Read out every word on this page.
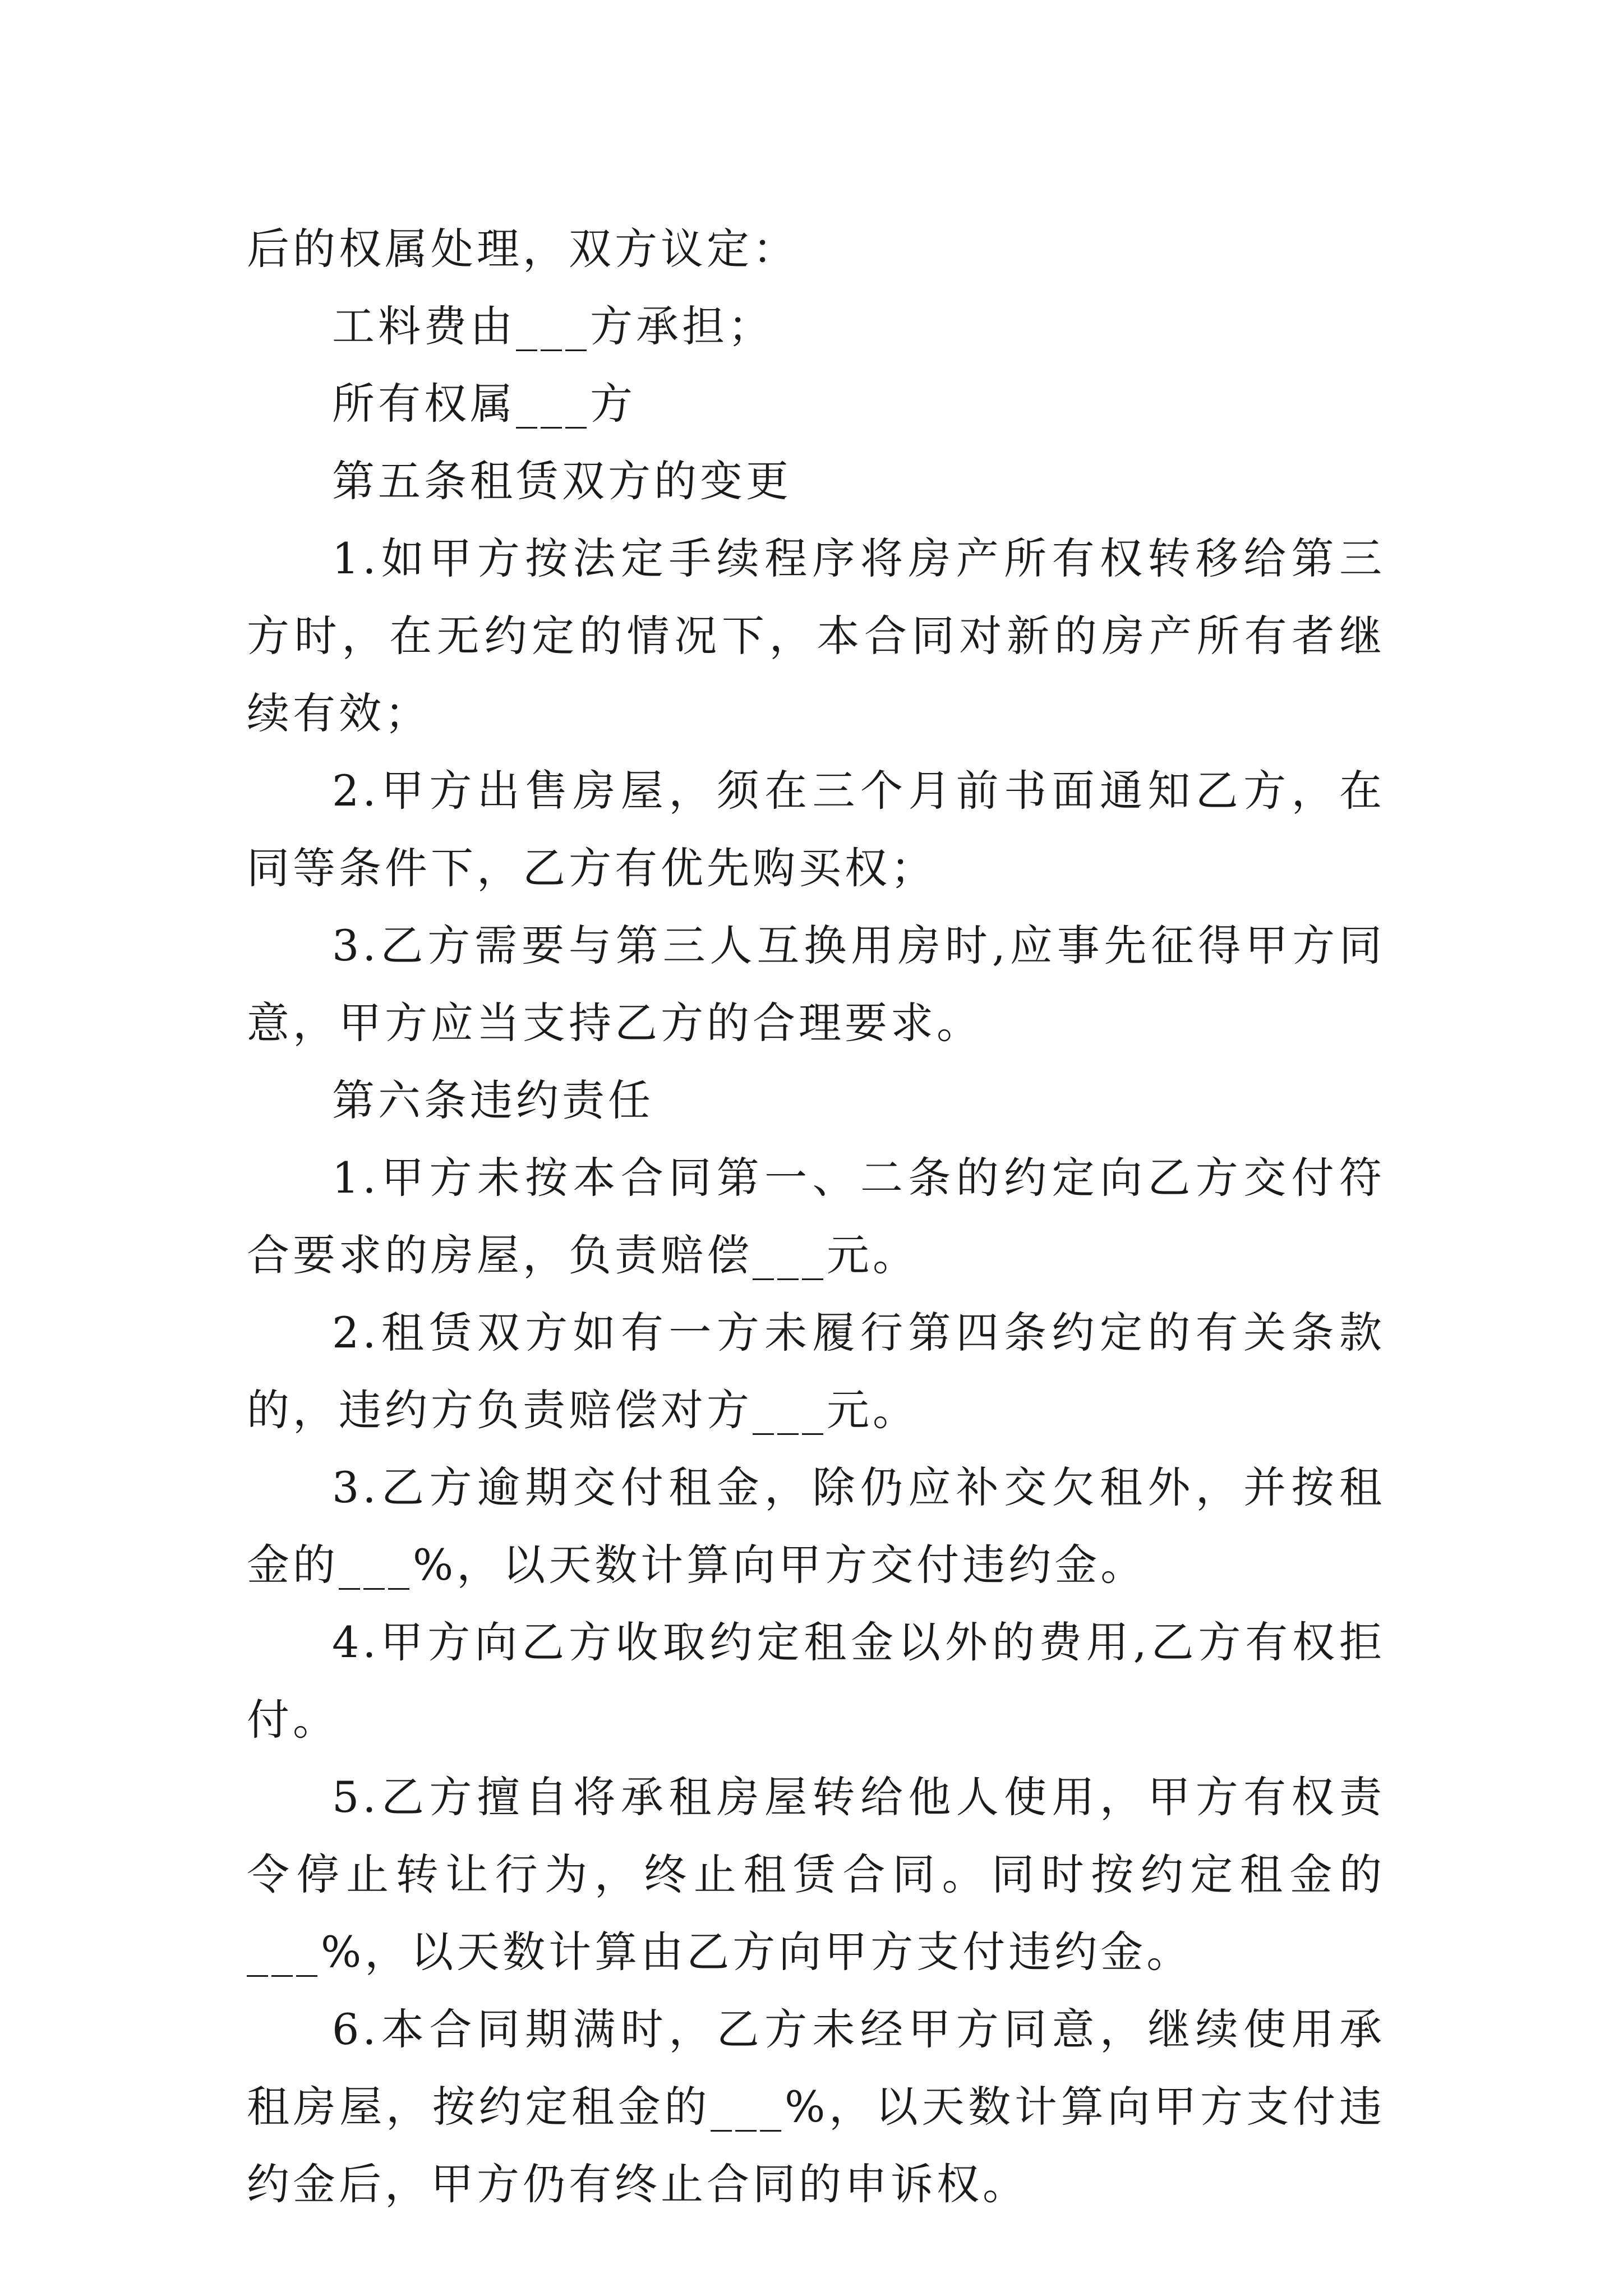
后的权属处理，双方议定：

工料费由___方承担；

所有权属___方

第五条租赁双方的变更

1.如甲方按法定手续程序将房产所有权转移给第三方时，在无约定的情况下，本合同对新的房产所有者继续有效；

2.甲方出售房屋，须在三个月前书面通知乙方，在同等条件下，乙方有优先购买权；

3.乙方需要与第三人互换用房时,应事先征得甲方同意，甲方应当支持乙方的合理要求。

第六条违约责任

1.甲方未按本合同第一、二条的约定向乙方交付符合要求的房屋，负责赔偿___元。

2.租赁双方如有一方未履行第四条约定的有关条款的，违约方负责赔偿对方___元。

3.乙方逾期交付租金，除仍应补交欠租外，并按租金的___%，以天数计算向甲方交付违约金。

4.甲方向乙方收取约定租金以外的费用,乙方有权拒付。

5.乙方擅自将承租房屋转给他人使用，甲方有权责令停止转让行为，终止租赁合同。同时按约定租金的___%，以天数计算由乙方向甲方支付违约金。

6.本合同期满时，乙方未经甲方同意，继续使用承租房屋，按约定租金的___%，以天数计算向甲方支付违约金后，甲方仍有终止合同的申诉权。
